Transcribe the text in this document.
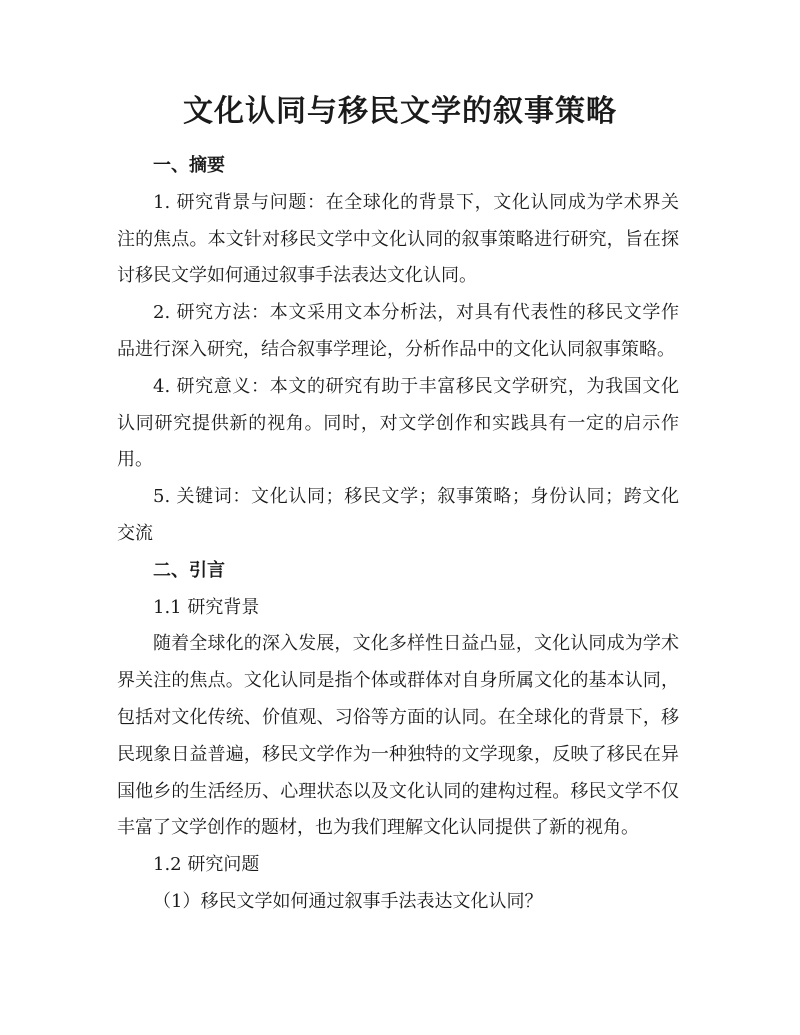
文化认同与移民文学的叙事策略

一、摘要

1. 研究背景与问题：在全球化的背景下，文化认同成为学术界关注的焦点。本文针对移民文学中文化认同的叙事策略进行研究，旨在探讨移民文学如何通过叙事手法表达文化认同。

2. 研究方法：本文采用文本分析法，对具有代表性的移民文学作品进行深入研究，结合叙事学理论，分析作品中的文化认同叙事策略。

4. 研究意义：本文的研究有助于丰富移民文学研究，为我国文化认同研究提供新的视角。同时，对文学创作和实践具有一定的启示作用。

5. 关键词：文化认同；移民文学；叙事策略；身份认同；跨文化交流

二、引言

1.1 研究背景

随着全球化的深入发展，文化多样性日益凸显，文化认同成为学术界关注的焦点。文化认同是指个体或群体对自身所属文化的基本认同，包括对文化传统、价值观、习俗等方面的认同。在全球化的背景下，移民现象日益普遍，移民文学作为一种独特的文学现象，反映了移民在异国他乡的生活经历、心理状态以及文化认同的建构过程。移民文学不仅丰富了文学创作的题材，也为我们理解文化认同提供了新的视角。

1.2 研究问题

（1）移民文学如何通过叙事手法表达文化认同？
